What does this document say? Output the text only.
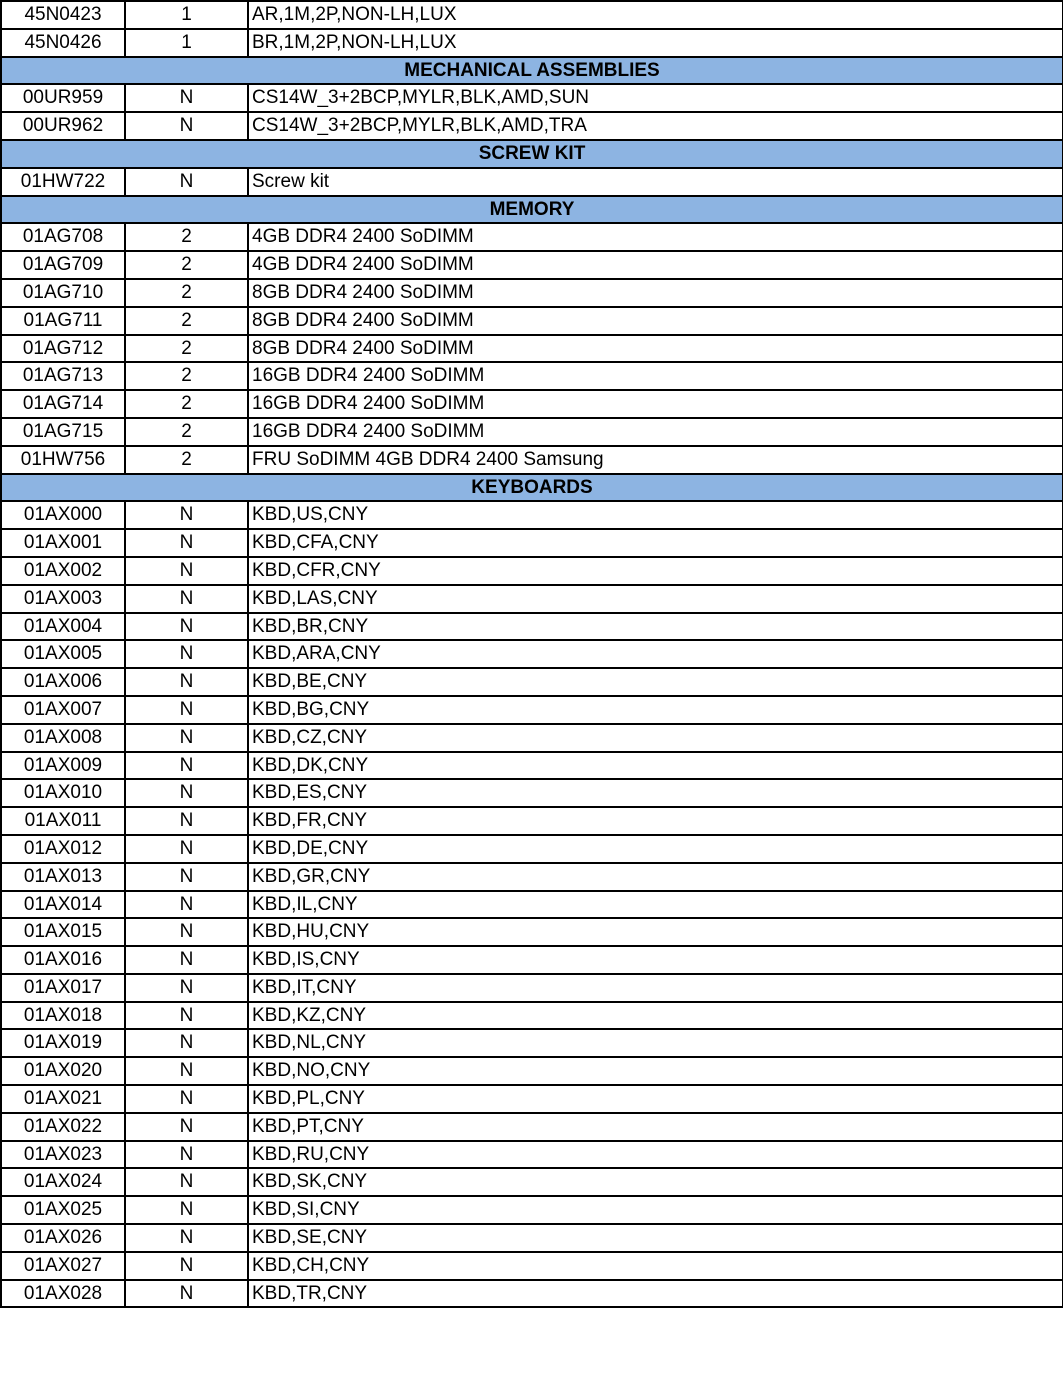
45N0423	1	AR,1M,2P,NON-LH,LUX
45N0426	1	BR,1M,2P,NON-LH,LUX
MECHANICAL ASSEMBLIES		
00UR959	N	CS14W_3+2BCP,MYLR,BLK,AMD,SUN
00UR962	N	CS14W_3+2BCP,MYLR,BLK,AMD,TRA
SCREW KIT		
01HW722	N	Screw kit
MEMORY		
01AG708	2	4GB DDR4 2400 SoDIMM
01AG709	2	4GB DDR4 2400 SoDIMM
01AG710	2	8GB DDR4 2400 SoDIMM
01AG711	2	8GB DDR4 2400 SoDIMM
01AG712	2	8GB DDR4 2400 SoDIMM
01AG713	2	16GB DDR4 2400 SoDIMM
01AG714	2	16GB DDR4 2400 SoDIMM
01AG715	2	16GB DDR4 2400 SoDIMM
01HW756	2	FRU SoDIMM 4GB DDR4 2400 Samsung
KEYBOARDS		
01AX000	N	KBD,US,CNY
01AX001	N	KBD,CFA,CNY
01AX002	N	KBD,CFR,CNY
01AX003	N	KBD,LAS,CNY
01AX004	N	KBD,BR,CNY
01AX005	N	KBD,ARA,CNY
01AX006	N	KBD,BE,CNY
01AX007	N	KBD,BG,CNY
01AX008	N	KBD,CZ,CNY
01AX009	N	KBD,DK,CNY
01AX010	N	KBD,ES,CNY
01AX011	N	KBD,FR,CNY
01AX012	N	KBD,DE,CNY
01AX013	N	KBD,GR,CNY
01AX014	N	KBD,IL,CNY
01AX015	N	KBD,HU,CNY
01AX016	N	KBD,IS,CNY
01AX017	N	KBD,IT,CNY
01AX018	N	KBD,KZ,CNY
01AX019	N	KBD,NL,CNY
01AX020	N	KBD,NO,CNY
01AX021	N	KBD,PL,CNY
01AX022	N	KBD,PT,CNY
01AX023	N	KBD,RU,CNY
01AX024	N	KBD,SK,CNY
01AX025	N	KBD,SI,CNY
01AX026	N	KBD,SE,CNY
01AX027	N	KBD,CH,CNY
01AX028	N	KBD,TR,CNY
